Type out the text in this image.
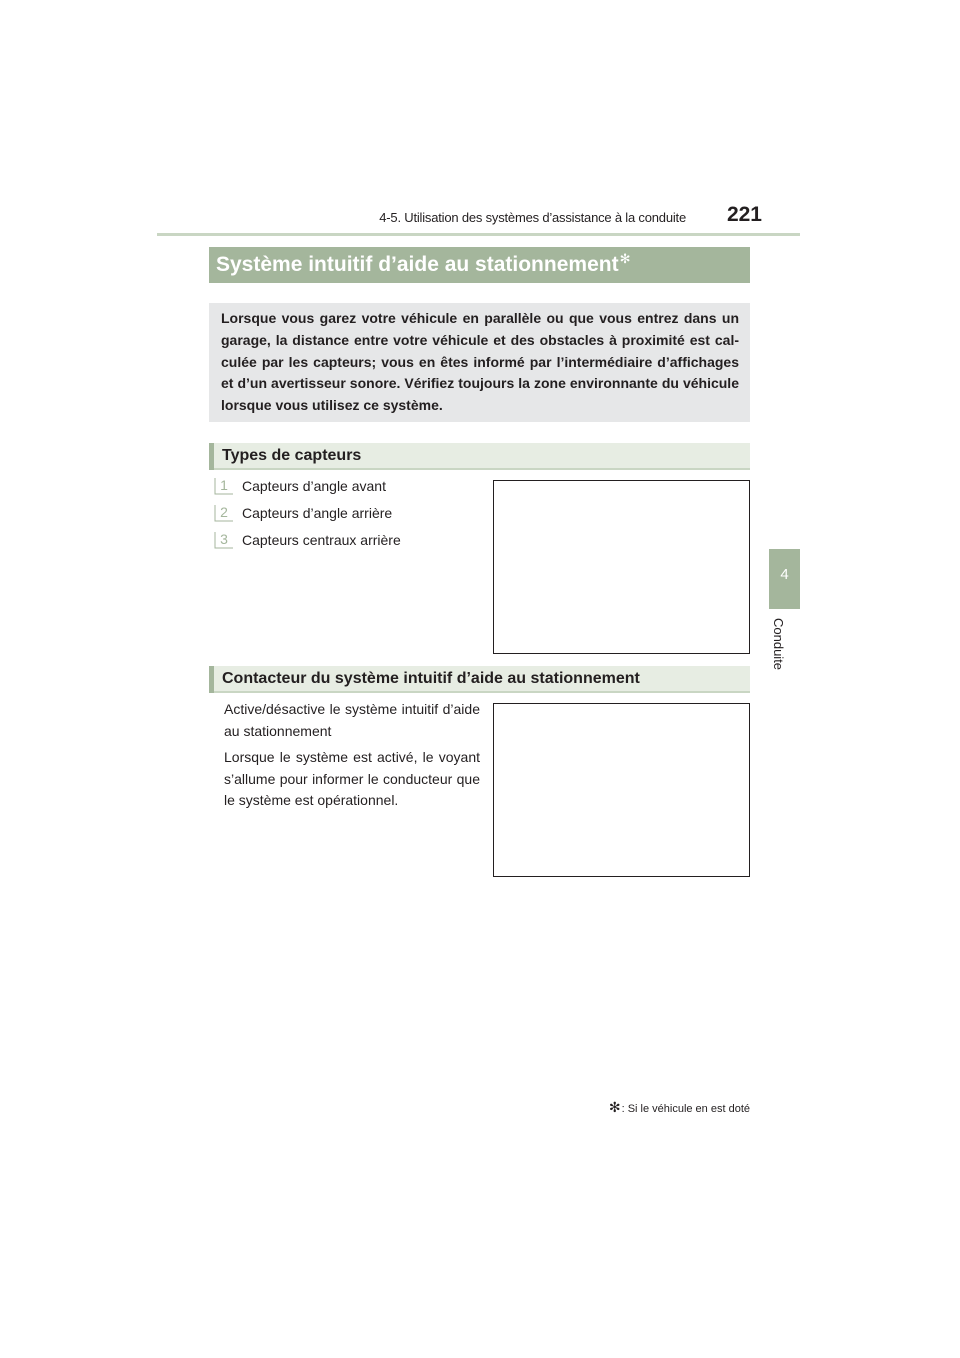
4-5. Utilisation des systèmes d’assistance à la conduite 221
4
Conduite
Système intuitif d’aide au stationnement✻
Lorsque vous garez votre véhicule en parallèle ou que vous entrez dans un garage, la distance entre votre véhicule et des obstacles à proximité est cal-culée par les capteurs; vous en êtes informé par l’intermédiaire d’affichages et d’un avertisseur sonore. Vérifiez toujours la zone environnante du véhicule lorsque vous utilisez ce système.
Types de capteurs
1	Capteurs d’angle avant
2	Capteurs d’angle arrière
3	Capteurs centraux arrière
Contacteur du système intuitif d’aide au stationnement
Active/désactive le système intuitif d’aide au stationnement
Lorsque le système est activé, le voyant s’allume pour informer le conducteur que le système est opérationnel.
✻: Si le véhicule en est doté
